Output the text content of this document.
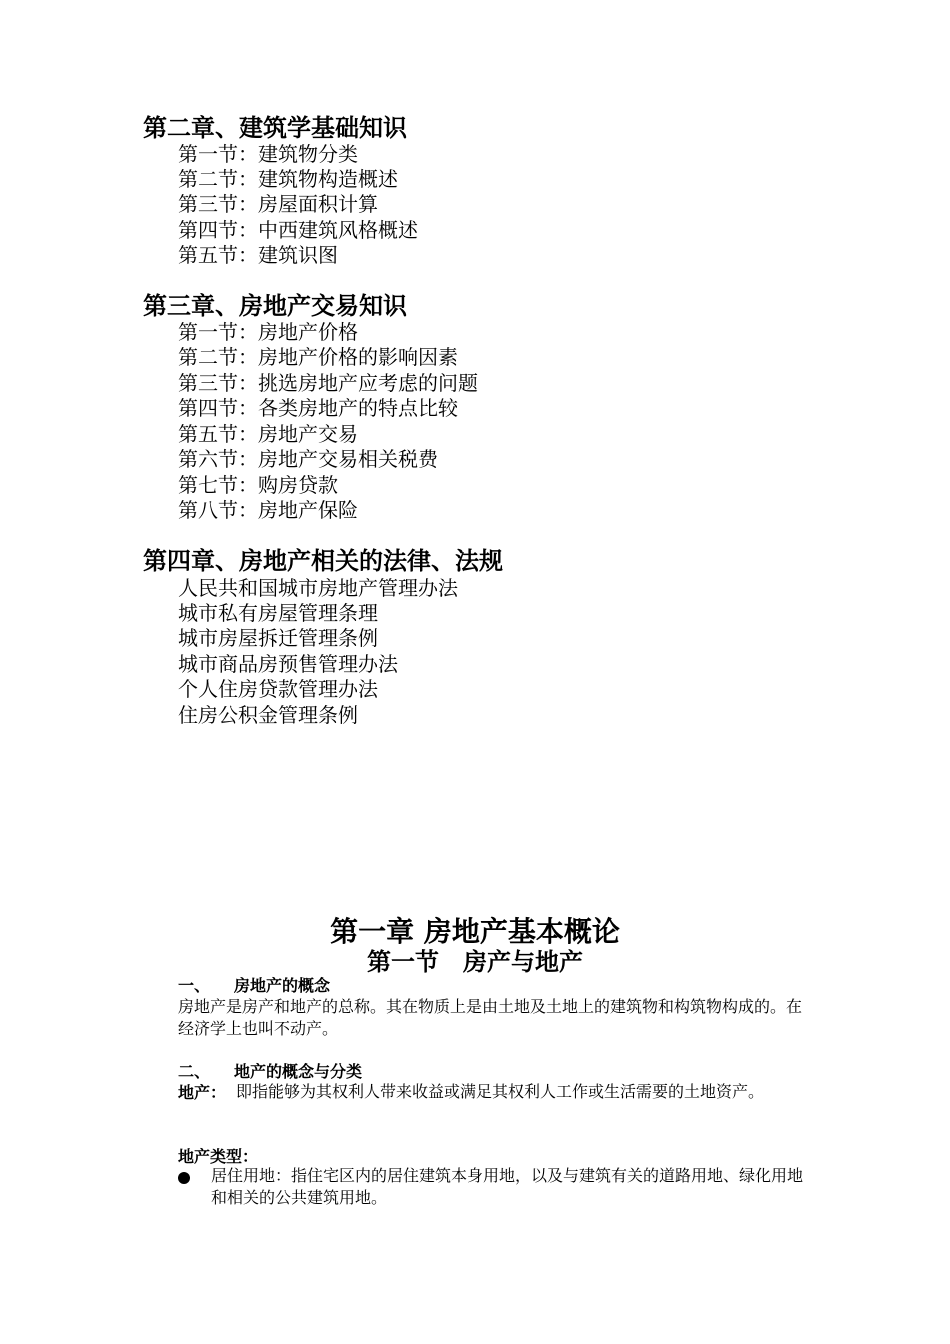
第二章、建筑学基础知识
第一节：建筑物分类
第二节：建筑物构造概述
第三节：房屋面积计算
第四节：中西建筑风格概述
第五节：建筑识图
第三章、房地产交易知识
第一节：房地产价格
第二节：房地产价格的影响因素
第三节：挑选房地产应考虑的问题
第四节：各类房地产的特点比较
第五节：房地产交易
第六节：房地产交易相关税费
第七节：购房贷款
第八节：房地产保险
第四章、房地产相关的法律、法规
人民共和国城市房地产管理办法
城市私有房屋管理条理
城市房屋拆迁管理条例
城市商品房预售管理办法
个人住房贷款管理办法
住房公积金管理条例
第一章 房地产基本概论
第一节　房产与地产
一、 房地产的概念
房地产是房产和地产的总称。其在物质上是由土地及土地上的建筑物和构筑物构成的。在经济学上也叫不动产。
二、 地产的概念与分类
地产： 即指能够为其权利人带来收益或满足其权利人工作或生活需要的土地资产。
地产类型：
居住用地：指住宅区内的居住建筑本身用地，以及与建筑有关的道路用地、绿化用地和相关的公共建筑用地。
